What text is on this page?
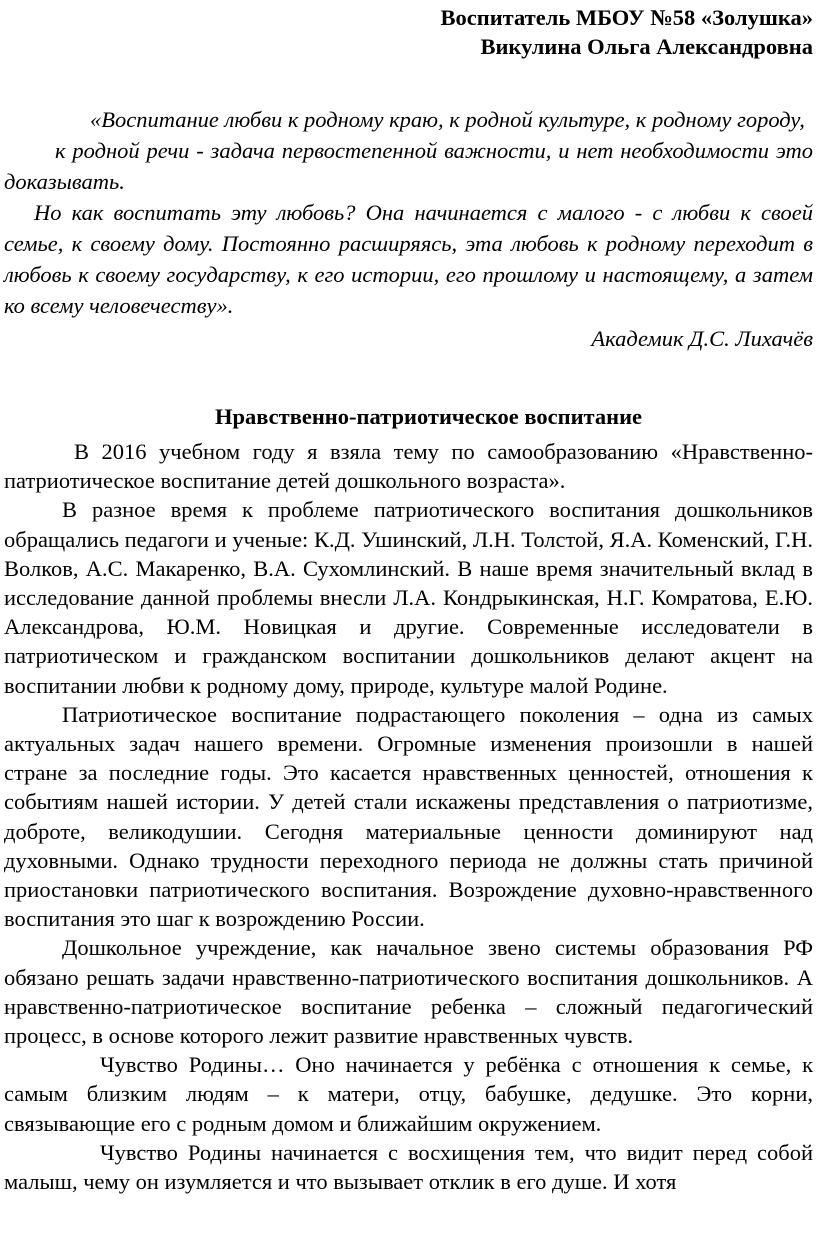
Воспитатель МБОУ №58 «Золушка»
Викулина Ольга Александровна

«Воспитание любви к родному краю, к родной культуре, к родному городу,

к родной речи - задача первостепенной важности, и нет необходимости это доказывать.

Но как воспитать эту любовь? Она начинается с малого - с любви к своей семье, к своему дому. Постоянно расширяясь, эта любовь к родному переходит в любовь к своему государству, к его истории, его прошлому и настоящему, а затем ко всему человечеству».

Академик Д.С. Лихачёв

Нравственно-патриотическое воспитание

В 2016 учебном году я взяла тему по самообразованию «Нравственно-патриотическое воспитание детей дошкольного возраста».

В разное время к проблеме патриотического воспитания дошкольников обращались педагоги и ученые: К.Д. Ушинский, Л.Н. Толстой, Я.А. Коменский, Г.Н. Волков, А.С. Макаренко, В.А. Сухомлинский. В наше время значительный вклад в исследование данной проблемы внесли Л.А. Кондрыкинская, Н.Г. Комратова, Е.Ю. Александрова, Ю.М. Новицкая и другие. Современные исследователи в патриотическом и гражданском воспитании дошкольников делают акцент на воспитании любви к родному дому, природе, культуре малой Родине.

Патриотическое воспитание подрастающего поколения – одна из самых актуальных задач нашего времени. Огромные изменения произошли в нашей стране за последние годы. Это касается нравственных ценностей, отношения к событиям нашей истории. У детей стали искажены представления о патриотизме, доброте, великодушии. Сегодня материальные ценности доминируют над духовными. Однако трудности переходного периода не должны стать причиной приостановки патриотического воспитания. Возрождение духовно-нравственного воспитания это шаг к возрождению России.

Дошкольное учреждение, как начальное звено системы образования РФ обязано решать задачи нравственно-патриотического воспитания дошкольников. А нравственно-патриотическое воспитание ребенка – сложный педагогический процесс, в основе которого лежит развитие нравственных чувств.

Чувство Родины… Оно начинается у ребёнка с отношения к семье, к самым близким людям – к матери, отцу, бабушке, дедушке. Это корни, связывающие его с родным домом и ближайшим окружением.

Чувство Родины начинается с восхищения тем, что видит перед собой малыш, чему он изумляется и что вызывает отклик в его душе. И хотя
